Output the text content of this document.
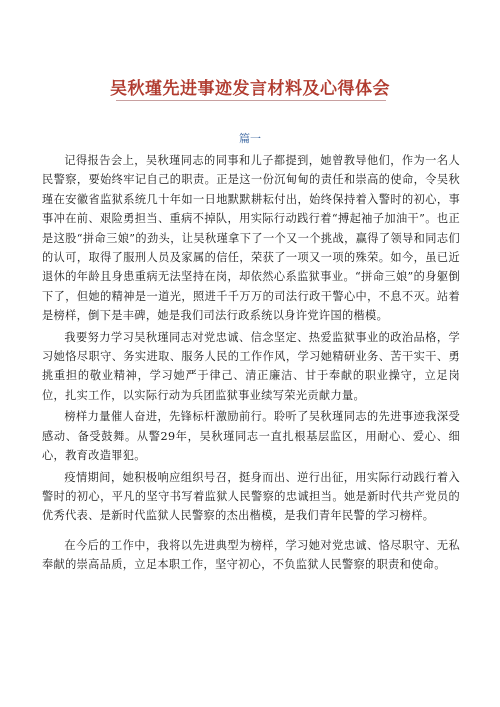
吴秋瑾先进事迹发言材料及心得体会
篇一

记得报告会上，吴秋瑾同志的同事和儿子都提到，她曾教导他们，作为一名人民警察，要始终牢记自己的职责。正是这一份沉甸甸的责任和崇高的使命，令吴秋瑾在安徽省监狱系统几十年如一日地默默耕耘付出，始终保持着入警时的初心，事事冲在前、艰险勇担当、重病不掉队，用实际行动践行着“搏起袖子加油干”。也正是这股“拼命三娘”的劲头，让吴秋瑾拿下了一个又一个挑战，赢得了领导和同志们的认可，取得了服刑人员及家属的信任，荣获了一项又一项的殊荣。如今，虽已近退休的年龄且身患重病无法坚持在岗，却依然心系监狱事业。“拼命三娘”的身躯倒下了，但她的精神是一道光，照进千千万万的司法行政干警心中，不息不灭。站着是榜样，倒下是丰碑，她是我们司法行政系统以身许党许国的楷模。

我要努力学习吴秋瑾同志对党忠诚、信念坚定、热爱监狱事业的政治品格，学习她恪尽职守、务实进取、服务人民的工作作风，学习她精研业务、苦干实干、勇挑重担的敬业精神，学习她严于律己、清正廉洁、甘于奉献的职业操守，立足岗位，扎实工作，以实际行动为兵团监狱事业续写荣光贡献力量。

榜样力量催人奋进，先锋标杆激励前行。聆听了吴秋瑾同志的先进事迹我深受感动、备受鼓舞。从警29年，吴秋瑾同志一直扎根基层监区，用耐心、爱心、细心，教育改造罪犯。

疫情期间，她积极响应组织号召，挺身而出、逆行出征，用实际行动践行着入警时的初心，平凡的坚守书写着监狱人民警察的忠诚担当。她是新时代共产党员的优秀代表、是新时代监狱人民警察的杰出楷模，是我们青年民警的学习榜样。

在今后的工作中，我将以先进典型为榜样，学习她对党忠诚、恪尽职守、无私奉献的崇高品质，立足本职工作，坚守初心，不负监狱人民警察的职责和使命。
